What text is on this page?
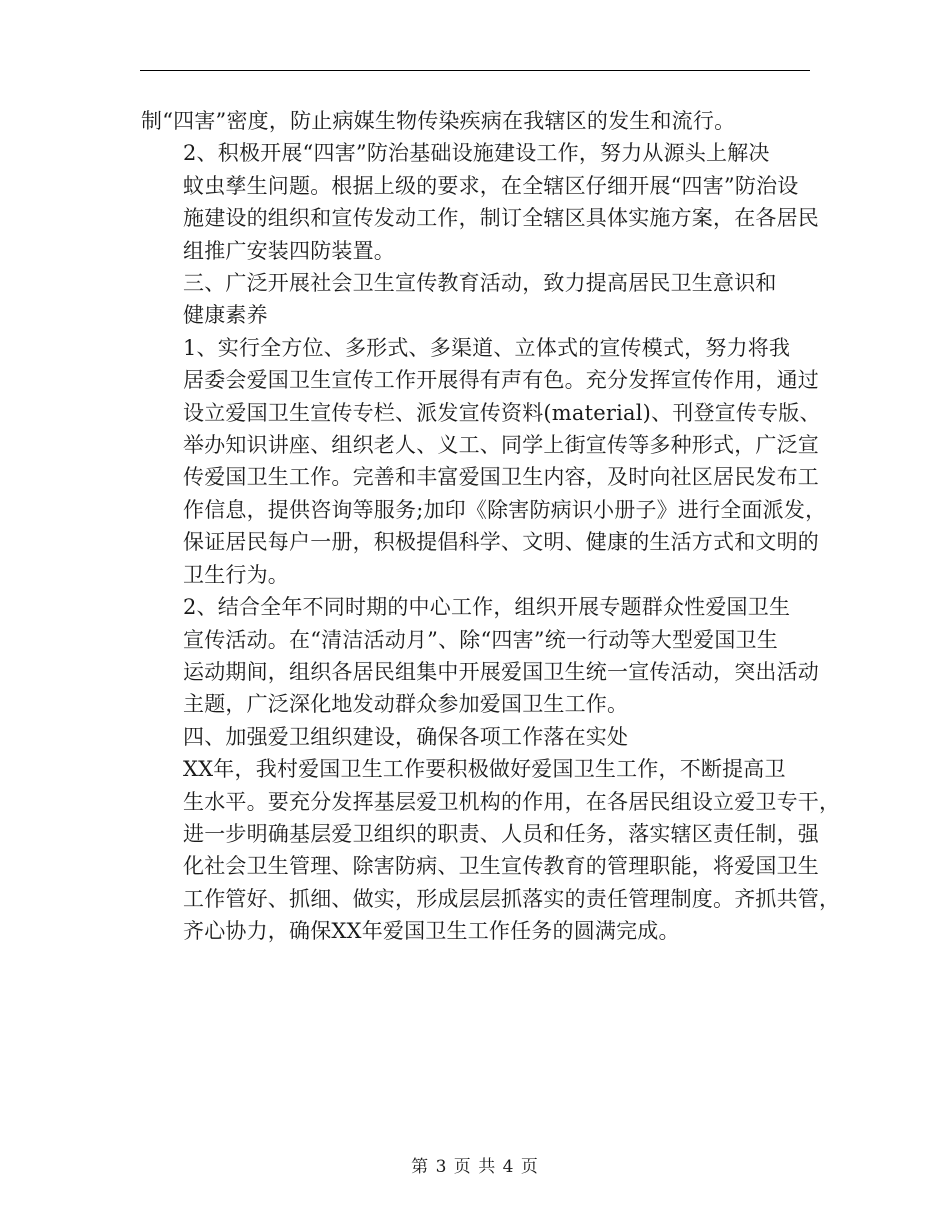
制“四害”密度，防止病媒生物传染疾病在我辖区的发生和流行。

2、积极开展“四害”防治基础设施建设工作，努力从源头上解决
蚊虫孳生问题。根据上级的要求，在全辖区仔细开展“四害”防治设
施建设的组织和宣传发动工作，制订全辖区具体实施方案，在各居民
组推广安装四防装置。

三、广泛开展社会卫生宣传教育活动，致力提高居民卫生意识和
健康素养

1、实行全方位、多形式、多渠道、立体式的宣传模式，努力将我
居委会爱国卫生宣传工作开展得有声有色。充分发挥宣传作用，通过
设立爱国卫生宣传专栏、派发宣传资料(material)、刊登宣传专版、
举办知识讲座、组织老人、义工、同学上街宣传等多种形式，广泛宣
传爱国卫生工作。完善和丰富爱国卫生内容，及时向社区居民发布工
作信息，提供咨询等服务;加印《除害防病识小册子》进行全面派发，
保证居民每户一册，积极提倡科学、文明、健康的生活方式和文明的
卫生行为。

2、结合全年不同时期的中心工作，组织开展专题群众性爱国卫生
宣传活动。在“清洁活动月”、除“四害”统一行动等大型爱国卫生
运动期间，组织各居民组集中开展爱国卫生统一宣传活动，突出活动
主题，广泛深化地发动群众参加爱国卫生工作。

四、加强爱卫组织建设，确保各项工作落在实处

XX年，我村爱国卫生工作要积极做好爱国卫生工作，不断提高卫
生水平。要充分发挥基层爱卫机构的作用，在各居民组设立爱卫专干，
进一步明确基层爱卫组织的职责、人员和任务，落实辖区责任制，强
化社会卫生管理、除害防病、卫生宣传教育的管理职能，将爱国卫生
工作管好、抓细、做实，形成层层抓落实的责任管理制度。齐抓共管，
齐心协力，确保XX年爱国卫生工作任务的圆满完成。

第 3 页 共 4 页
